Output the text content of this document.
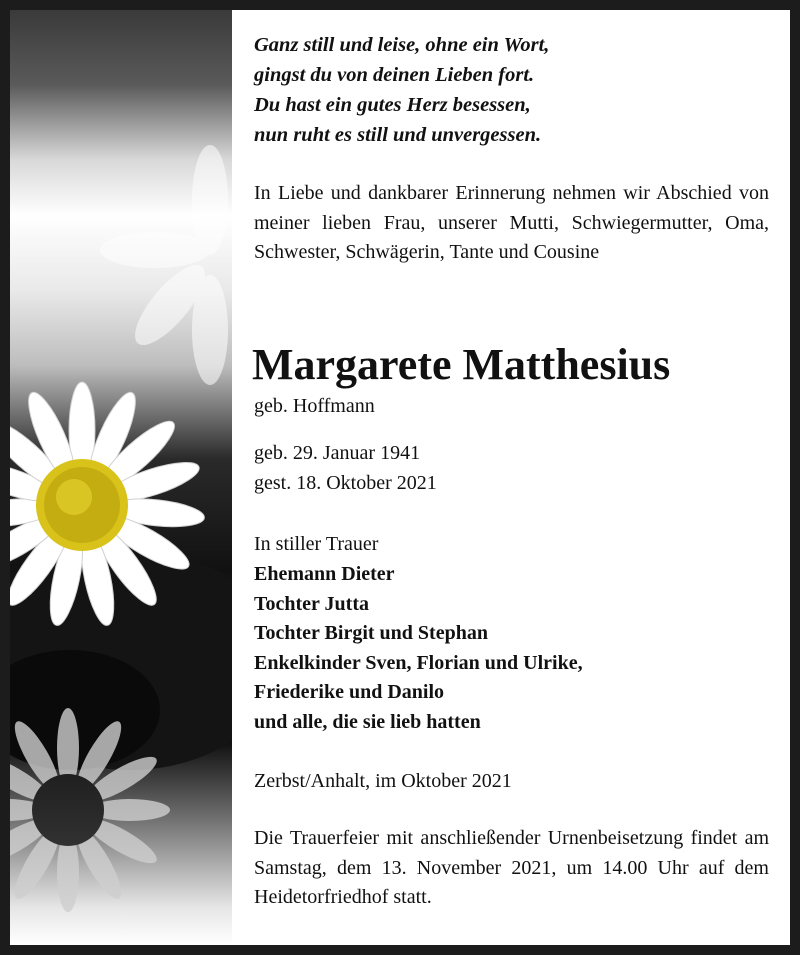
Ganz still und leise, ohne ein Wort,
gingst du von deinen Lieben fort.
Du hast ein gutes Herz besessen,
nun ruht es still und unvergessen.
In Liebe und dankbarer Erinnerung nehmen wir Abschied von meiner lieben Frau, unserer Mutti, Schwiegermutter, Oma, Schwester, Schwägerin, Tante und Cousine
Margarete Matthesius
geb. Hoffmann
geb. 29. Januar 1941
gest. 18. Oktober 2021
In stiller Trauer
Ehemann Dieter
Tochter Jutta
Tochter Birgit und Stephan
Enkelkinder Sven, Florian und Ulrike,
Friederike und Danilo
und alle, die sie lieb hatten
Zerbst/Anhalt, im Oktober 2021
Die Trauerfeier mit anschließender Urnenbeisetzung findet am Samstag, dem 13. November 2021, um 14.00 Uhr auf dem Heidetorfriedhof statt.
